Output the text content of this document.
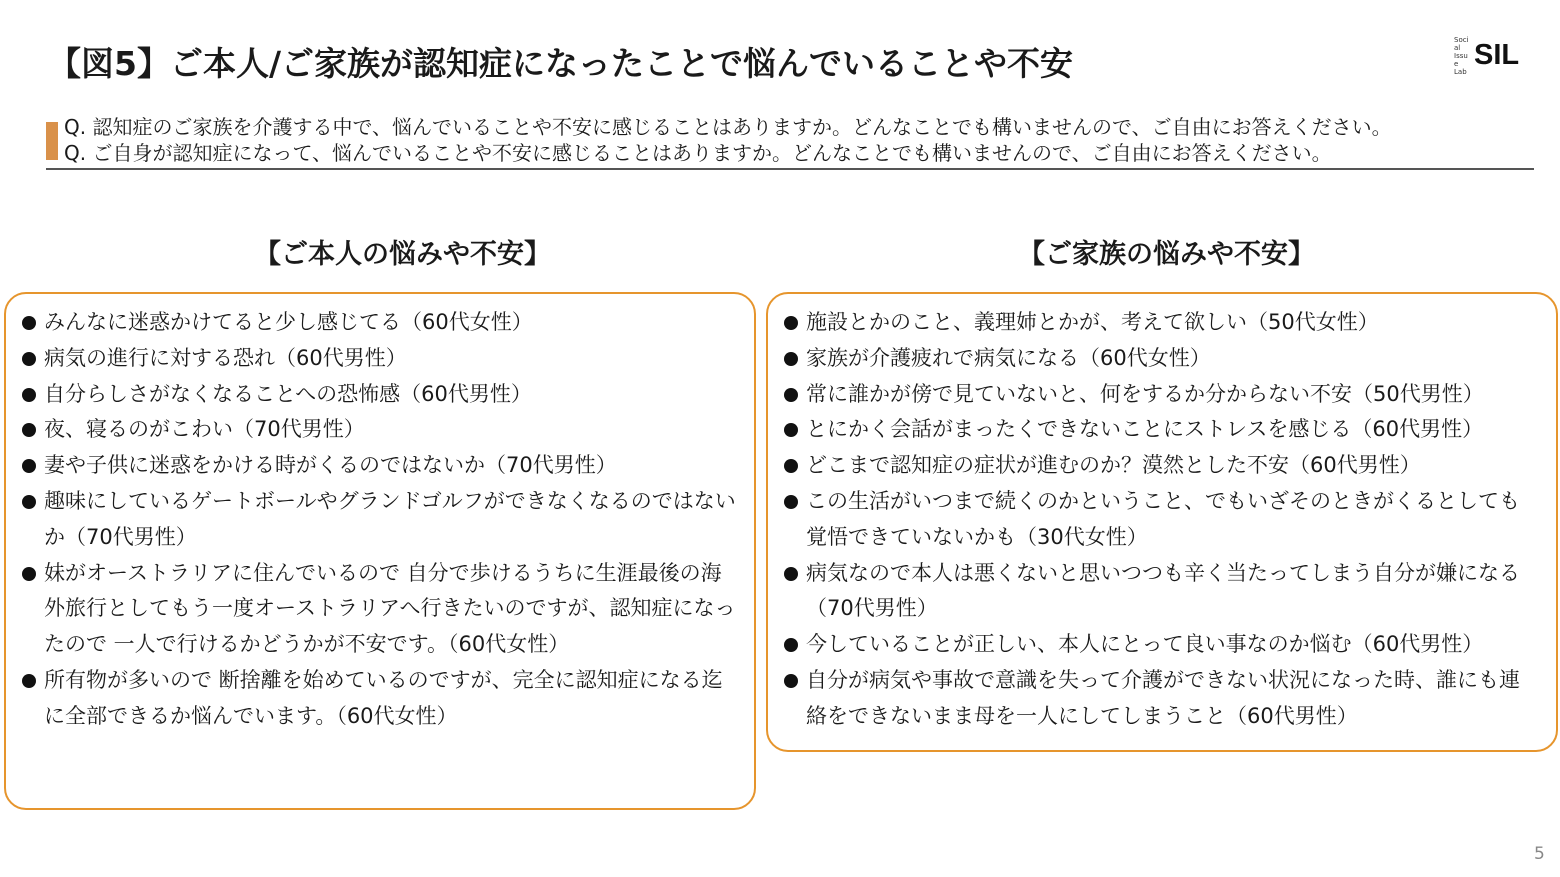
【図5】ご本人/ご家族が認知症になったことで悩んでいることや不安
Social Issue Lab
SIL
Q. 認知症のご家族を介護する中で、悩んでいることや不安に感じることはありますか。どんなことでも構いませんので、ご自由にお答えください。
Q. ご自身が認知症になって、悩んでいることや不安に感じることはありますか。どんなことでも構いませんので、ご自由にお答えください。
【ご本人の悩みや不安】	【ご家族の悩みや不安】
みんなに迷惑かけてると少し感じてる（60代女性）
病気の進行に対する恐れ（60代男性）
自分らしさがなくなることへの恐怖感（60代男性）
夜、寝るのがこわい（70代男性）
妻や子供に迷惑をかける時がくるのではないか（70代男性）
趣味にしているゲートボールやグランドゴルフができなくなるのではないか（70代男性）
妹がオーストラリアに住んでいるので 自分で歩けるうちに生涯最後の海外旅行としてもう一度オーストラリアへ行きたいのですが、認知症になったので 一人で行けるかどうかが不安です。（60代女性）
所有物が多いので 断捨離を始めているのですが、完全に認知症になる迄に全部できるか悩んでいます。（60代女性）
施設とかのこと、義理姉とかが、考えて欲しい（50代女性）
家族が介護疲れで病気になる（60代女性）
常に誰かが傍で見ていないと、何をするか分からない不安（50代男性）
とにかく会話がまったくできないことにストレスを感じる（60代男性）
どこまで認知症の症状が進むのか？漠然とした不安（60代男性）
この生活がいつまで続くのかということ、でもいざそのときがくるとしても覚悟できていないかも（30代女性）
病気なので本人は悪くないと思いつつも辛く当たってしまう自分が嫌になる（70代男性）
今していることが正しい、本人にとって良い事なのか悩む（60代男性）
自分が病気や事故で意識を失って介護ができない状況になった時、誰にも連絡をできないまま母を一人にしてしまうこと（60代男性）
5
